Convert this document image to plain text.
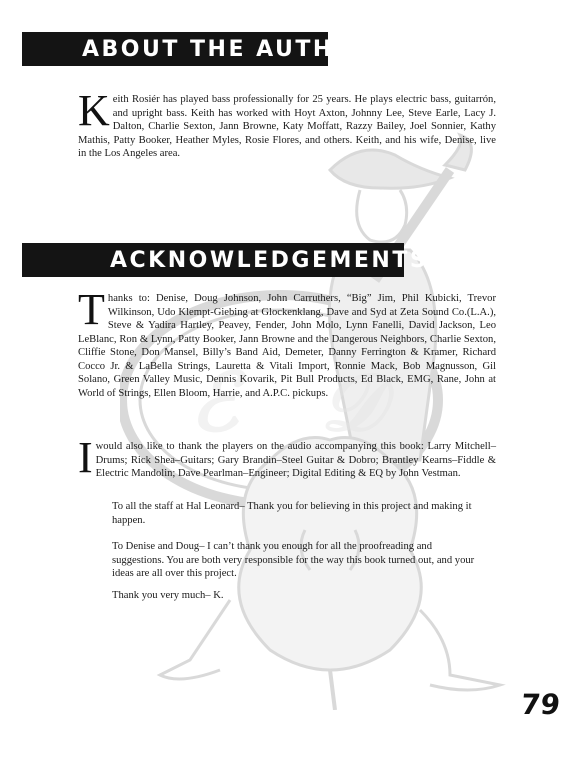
ℰ 𝒟
ABOUT THE AUTHOR

Keith Rosiér has played bass professionally for 25 years. He plays electric bass, guitarrón, and upright bass. Keith has worked with Hoyt Axton, Johnny Lee, Steve Earle, Lacy J. Dalton, Charlie Sexton, Jann Browne, Katy Moffatt, Razzy Bailey, Joel Sonnier, Kathy Mathis, Patty Booker, Heather Myles, Rosie Flores, and others. Keith, and his wife, Denise, live in the Los Angeles area.

ACKNOWLEDGEMENTS

Thanks to: Denise, Doug Johnson, John Carruthers, “Big” Jim, Phil Kubicki, Trevor Wilkinson, Udo Klempt-Giebing at Glockenklang, Dave and Syd at Zeta Sound Co.(L.A.), Steve & Yadira Hartley, Peavey, Fender, John Molo, Lynn Fanelli, David Jackson, Leo LeBlanc, Ron & Lynn, Patty Booker, Jann Browne and the Dangerous Neighbors, Charlie Sexton, Cliffie Stone, Don Mansel, Billy’s Band Aid, Demeter, Danny Ferrington & Kramer, Richard Cocco Jr. & LaBella Strings, Lauretta & Vitali Import, Ronnie Mack, Bob Magnusson, Gil Solano, Green Valley Music, Dennis Kovarik, Pit Bull Products, Ed Black, EMG, Rane, John at World of Strings, Ellen Bloom, Harrie, and A.P.C. pickups.

Iwould also like to thank the players on the audio accompanying this book: Larry Mitchell–Drums; Rick Shea–Guitars; Gary Brandin–Steel Guitar & Dobro; Brantley Kearns–Fiddle & Electric Mandolin; Dave Pearlman–Engineer; Digital Editing & EQ by John Vestman.

To all the staff at Hal Leonard– Thank you for believing in this project and making it happen.

To Denise and Doug– I can’t thank you enough for all the proofreading and suggestions. You are both very responsible for the way this book turned out, and your ideas are all over this project.

Thank you very much– K.

79
